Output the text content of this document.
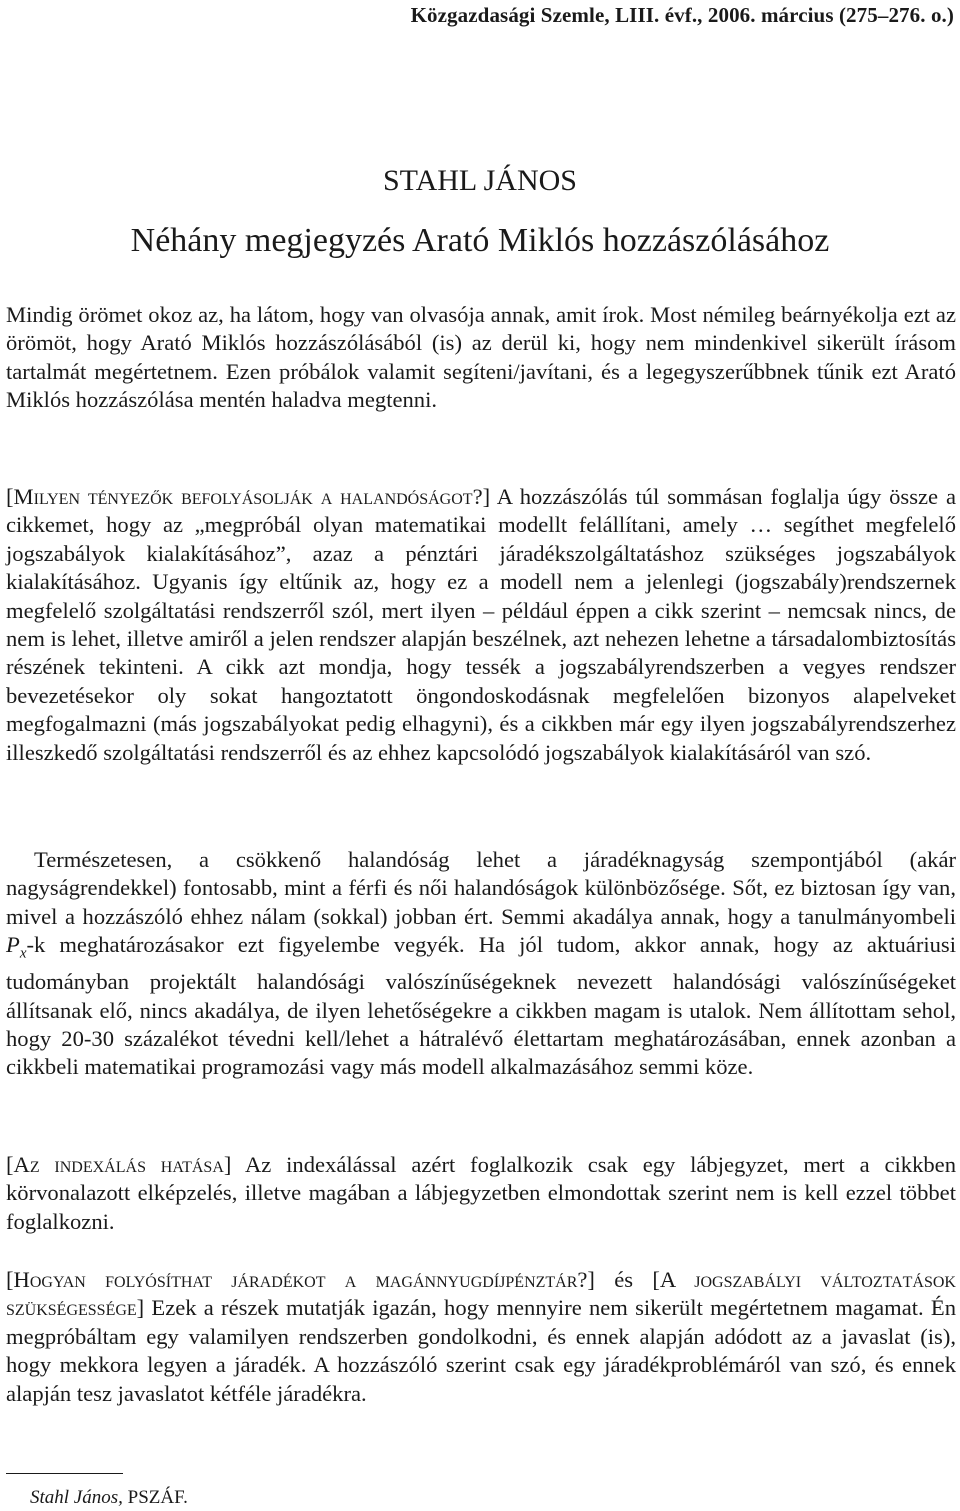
Közgazdasági Szemle, LIII. évf., 2006. március (275–276. o.)
STAHL JÁNOS
Néhány megjegyzés Arató Miklós hozzászólásához

Mindig örömet okoz az, ha látom, hogy van olvasója annak, amit írok. Most némileg beárnyékolja ezt az örömöt, hogy Arató Miklós hozzászólásából (is) az derül ki, hogy nem mindenkivel sikerült írásom tartalmát megértetnem. Ezen próbálok valamit segíteni/javítani, és a legegyszerűbbnek tűnik ezt Arató Miklós hozzászólása mentén haladva megtenni.

[Milyen tényezők befolyásolják a halandóságot?] A hozzászólás túl sommásan foglalja úgy össze a cikkemet, hogy az „megpróbál olyan matematikai modellt felállítani, amely … segíthet megfelelő jogszabályok kialakításához”, azaz a pénztári járadékszolgáltatáshoz szükséges jogszabályok kialakításához. Ugyanis így eltűnik az, hogy ez a modell nem a jelenlegi (jogszabály)rendszernek megfelelő szolgáltatási rendszerről szól, mert ilyen – például éppen a cikk szerint – nemcsak nincs, de nem is lehet, illetve amiről a jelen rendszer alapján beszélnek, azt nehezen lehetne a társadalombiztosítás részének tekinteni. A cikk azt mondja, hogy tessék a jogszabályrendszerben a vegyes rendszer bevezetésekor oly sokat hangoztatott öngondoskodásnak megfelelően bizonyos alapelveket megfogalmazni (más jogszabályokat pedig elhagyni), és a cikkben már egy ilyen jogszabályrendszerhez illeszkedő szolgáltatási rendszerről és az ehhez kapcsolódó jogszabályok kialakításáról van szó.

Természetesen, a csökkenő halandóság lehet a járadéknagyság szempontjából (akár nagyságrendekkel) fontosabb, mint a férfi és női halandóságok különbözősége. Sőt, ez biztosan így van, mivel a hozzászóló ehhez nálam (sokkal) jobban ért. Semmi akadálya annak, hogy a tanulmányombeli $P_x-k$ meghatározásakor ezt figyelembe vegyék. Ha jól tudom, akkor annak, hogy az aktuáriusi tudományban projektált halandósági valószínűségeknek nevezett halandósági valószínűségeket állítsanak elő, nincs akadálya, de ilyen lehetőségekre a cikkben magam is utalok. Nem állítottam sehol, hogy 20-30 százalékot tévedni kell/lehet a hátralévő élettartam meghatározásában, ennek azonban a cikkbeli matematikai programozási vagy más modell alkalmazásához semmi köze.

[Az indexálás hatása] Az indexálással azért foglalkozik csak egy lábjegyzet, mert a cikkben körvonalazott elképzelés, illetve magában a lábjegyzetben elmondottak szerint nem is kell ezzel többet foglalkozni.

[Hogyan folyósíthat járadékot a magánnyugdíjpénztár?] és [A jogszabályi változtatások szükségessége] Ezek a részek mutatják igazán, hogy mennyire nem sikerült megértetnem magamat. Én megpróbáltam egy valamilyen rendszerben gondolkodni, és ennek alapján adódott az a javaslat (is), hogy mekkora legyen a járadék. A hozzászóló szerint csak egy járadékproblémáról van szó, és ennek alapján tesz javaslatot kétféle járadékra.

Stahl János, PSZÁF.
